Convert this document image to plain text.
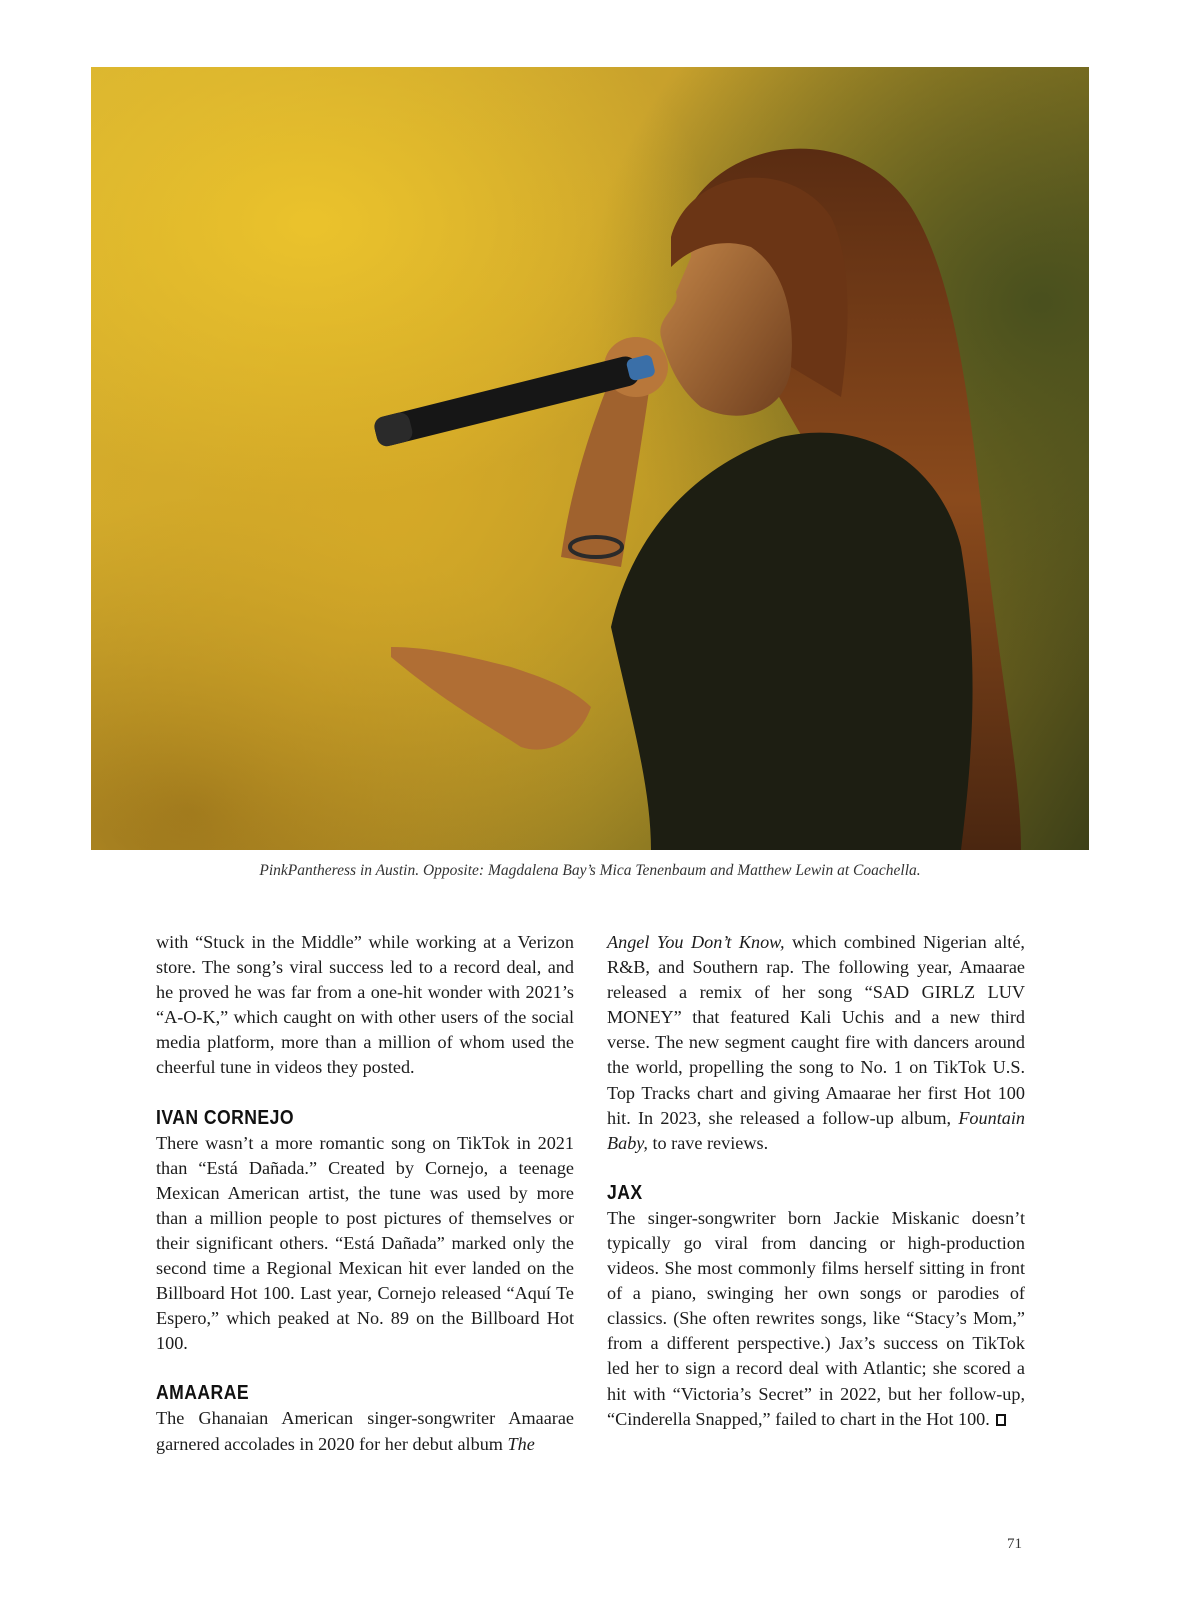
PinkPantheress in Austin. Opposite: Magdalena Bay’s Mica Tenenbaum and Matthew Lewin at Coachella.

with “Stuck in the Middle” while working at a Verizon store. The song’s viral success led to a record deal, and he proved he was far from a one-hit wonder with 2021’s “A-O-K,” which caught on with other users of the social media platform, more than a million of whom used the cheerful tune in videos they posted.

IVAN CORNEJO

There wasn’t a more romantic song on TikTok in 2021 than “Está Dañada.” Created by Cornejo, a teenage Mexican American artist, the tune was used by more than a million people to post pictures of themselves or their significant others. “Está Dañada” marked only the second time a Regional Mexican hit ever landed on the Billboard Hot 100. Last year, Cornejo released “Aquí Te Espero,” which peaked at No. 89 on the Billboard Hot 100.

AMAARAE

The Ghanaian American singer-songwriter Amaarae garnered accolades in 2020 for her debut album The

Angel You Don’t Know, which combined Nigerian alté, R&B, and Southern rap. The following year, Amaarae released a remix of her song “SAD GIRLZ LUV MONEY” that featured Kali Uchis and a new third verse. The new segment caught fire with dancers around the world, propelling the song to No. 1 on TikTok U.S. Top Tracks chart and giving Amaarae her first Hot 100 hit. In 2023, she released a follow-up album, Fountain Baby, to rave reviews.

JAX

The singer-songwriter born Jackie Miskanic doesn’t typically go viral from dancing or high-production videos. She most commonly films herself sitting in front of a piano, swinging her own songs or parodies of classics. (She often rewrites songs, like “Stacy’s Mom,” from a different perspective.) Jax’s success on TikTok led her to sign a record deal with Atlantic; she scored a hit with “Victoria’s Secret” in 2022, but her follow-up, “Cinderella Snapped,” failed to chart in the Hot 100.

71
